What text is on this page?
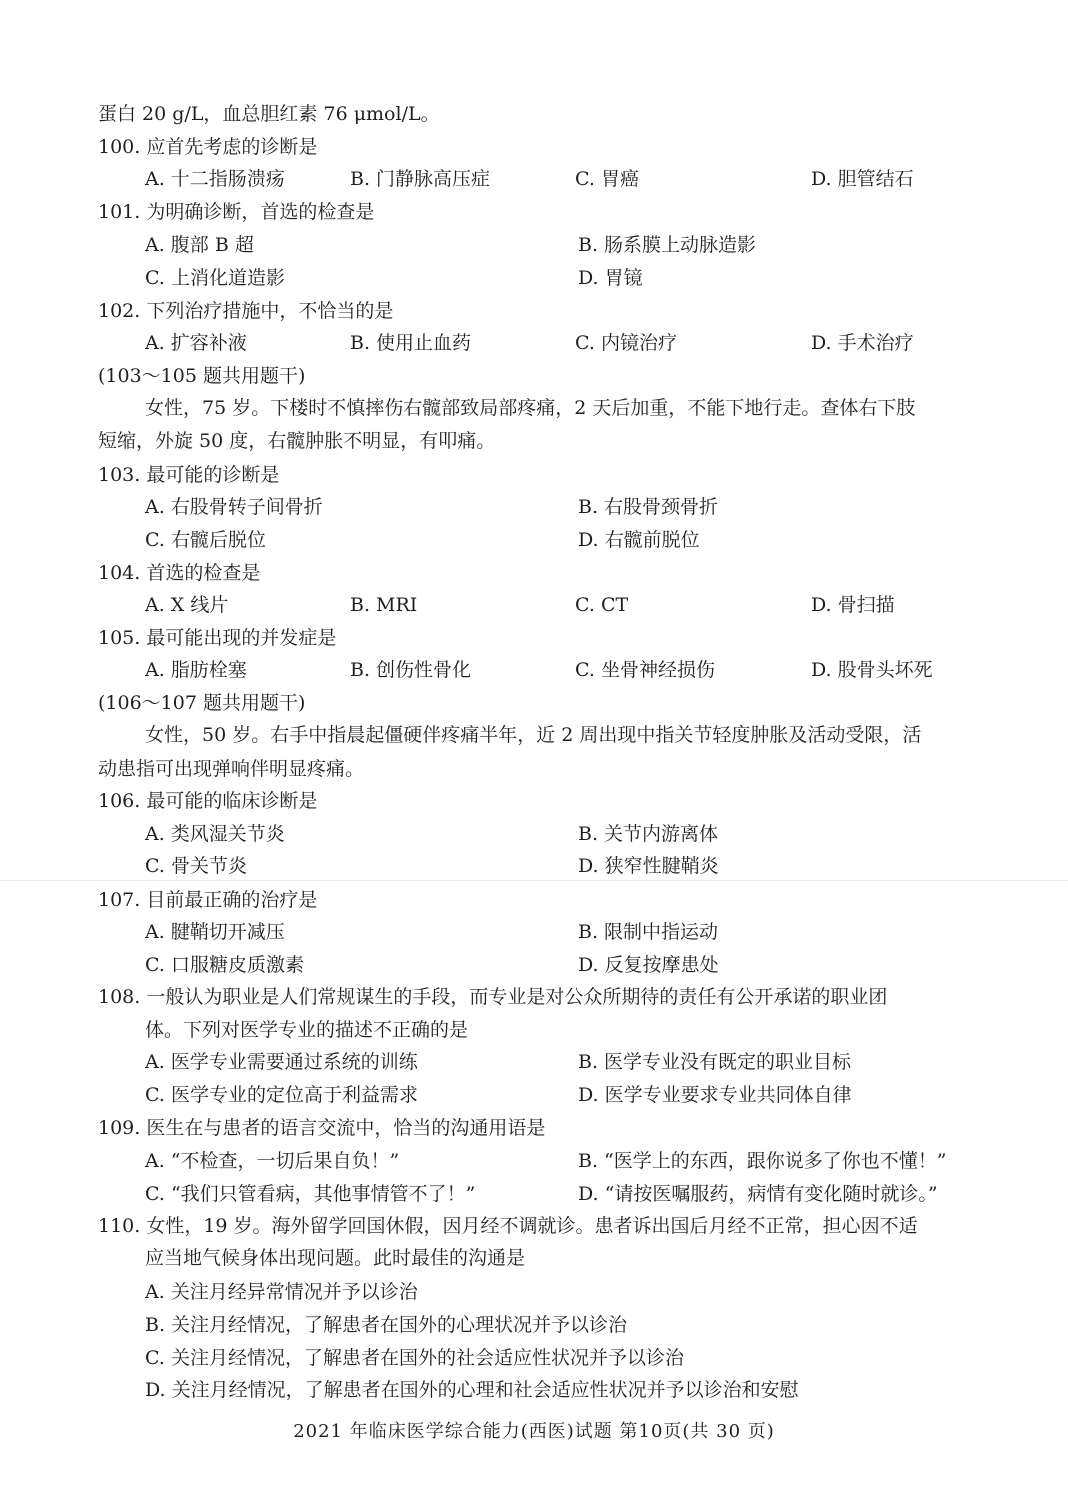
蛋白 20 g/L，血总胆红素 76 μmol/L。
100. 应首先考虑的诊断是
A. 十二指肠溃疡	B. 门静脉高压症	C. 胃癌	D. 胆管结石
101. 为明确诊断，首选的检查是
A. 腹部 B 超	B. 肠系膜上动脉造影
C. 上消化道造影	D. 胃镜
102. 下列治疗措施中，不恰当的是
A. 扩容补液	B. 使用止血药	C. 内镜治疗	D. 手术治疗
(103～105 题共用题干)
女性，75 岁。下楼时不慎摔伤右髋部致局部疼痛，2 天后加重，不能下地行走。查体右下肢
短缩，外旋 50 度，右髋肿胀不明显，有叩痛。
103. 最可能的诊断是
A. 右股骨转子间骨折	B. 右股骨颈骨折
C. 右髋后脱位	D. 右髋前脱位
104. 首选的检查是
A. X 线片	B. MRI	C. CT	D. 骨扫描
105. 最可能出现的并发症是
A. 脂肪栓塞	B. 创伤性骨化	C. 坐骨神经损伤	D. 股骨头坏死
(106～107 题共用题干)
女性，50 岁。右手中指晨起僵硬伴疼痛半年，近 2 周出现中指关节轻度肿胀及活动受限，活
动患指可出现弹响伴明显疼痛。
106. 最可能的临床诊断是
A. 类风湿关节炎	B. 关节内游离体
C. 骨关节炎	D. 狭窄性腱鞘炎
107. 目前最正确的治疗是
A. 腱鞘切开减压	B. 限制中指运动
C. 口服糖皮质激素	D. 反复按摩患处
108. 一般认为职业是人们常规谋生的手段，而专业是对公众所期待的责任有公开承诺的职业团
体。下列对医学专业的描述不正确的是
A. 医学专业需要通过系统的训练	B. 医学专业没有既定的职业目标
C. 医学专业的定位高于利益需求	D. 医学专业要求专业共同体自律
109. 医生在与患者的语言交流中，恰当的沟通用语是
A. “不检查，一切后果自负！”	B. “医学上的东西，跟你说多了你也不懂！”
C. “我们只管看病，其他事情管不了！”	D. “请按医嘱服药，病情有变化随时就诊。”
110. 女性，19 岁。海外留学回国休假，因月经不调就诊。患者诉出国后月经不正常，担心因不适
应当地气候身体出现问题。此时最佳的沟通是
A. 关注月经异常情况并予以诊治
B. 关注月经情况，了解患者在国外的心理状况并予以诊治
C. 关注月经情况，了解患者在国外的社会适应性状况并予以诊治
D. 关注月经情况，了解患者在国外的心理和社会适应性状况并予以诊治和安慰
2021 年临床医学综合能力(西医)试题 第10页(共 30 页)
